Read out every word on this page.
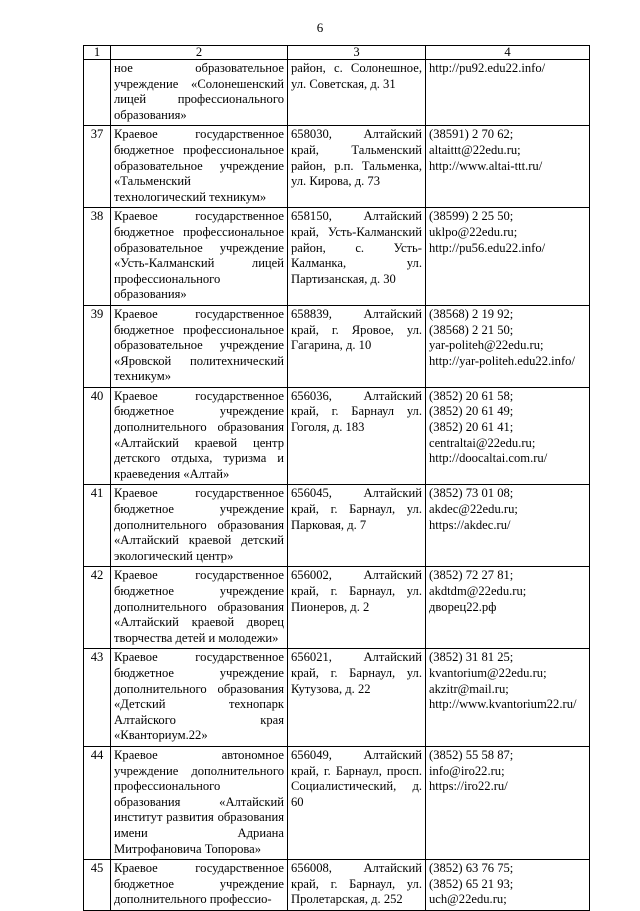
6
1	2	3	4
	ное образовательное учреждение «Солонешенский лицей профессионального образования»	район, с. Солонешное, ул. Советская, д. 31	http://pu92.edu22.info/

37	Краевое государственное бюджетное профессиональное образовательное учреждение «Тальменский технологический техникум»	658030, Алтайский край, Тальменский район, р.п. Тальменка, ул. Кирова, д. 73	(38591) 2 70 62;
altaittt@22edu.ru;
http://www.altai-ttt.ru/

38	Краевое государственное бюджетное профессиональное образовательное учреждение «Усть-Калманский лицей профессионального образования»	658150, Алтайский край, Усть-Калманский район, с. Усть-Калманка, ул. Партизанская, д. 30	(38599) 2 25 50;
uklpo@22edu.ru;
http://pu56.edu22.info/

39	Краевое государственное бюджетное профессиональное образовательное учреждение «Яровской политехнический техникум»	658839, Алтайский край, г. Яровое, ул. Гагарина, д. 10	(38568) 2 19 92;
(38568) 2 21 50;
yar-politeh@22edu.ru;
http://yar-politeh.edu22.info/

40	Краевое государственное бюджетное учреждение дополнительного образования «Алтайский краевой центр детского отдыха, туризма и краеведения «Алтай»	656036, Алтайский край, г. Барнаул ул. Гоголя, д. 183	(3852) 20 61 58;
(3852) 20 61 49;
(3852) 20 61 41;
centraltai@22edu.ru;
http://doocaltai.com.ru/

41	Краевое государственное бюджетное учреждение дополнительного образования «Алтайский краевой детский экологический центр»	656045, Алтайский край, г. Барнаул, ул. Парковая, д. 7	(3852) 73 01 08;
akdec@22edu.ru;
https://akdec.ru/

42	Краевое государственное бюджетное учреждение дополнительного образования «Алтайский краевой дворец творчества детей и молодежи»	656002, Алтайский край, г. Барнаул, ул. Пионеров, д. 2	(3852) 72 27 81;
akdtdm@22edu.ru;
дворец22.рф

43	Краевое государственное бюджетное учреждение дополнительного образования «Детский технопарк Алтайского края «Кванториум.22»	656021, Алтайский край, г. Барнаул, ул. Кутузова, д. 22	(3852) 31 81 25;
kvantorium@22edu.ru;
akzitr@mail.ru;
http://www.kvantorium22.ru/

44	Краевое автономное учреждение дополнительного профессионального образования «Алтайский институт развития образования имени Адриана Митрофановича Топорова»	656049, Алтайский край, г. Барнаул, просп. Социалистический, д. 60	(3852) 55 58 87;
info@iro22.ru;
https://iro22.ru/

45	Краевое государственное бюджетное учреждение дополнительного профессио-	656008, Алтайский край, г. Барнаул, ул. Пролетарская, д. 252	(3852) 63 76 75;
(3852) 65 21 93;
uch@22edu.ru;
